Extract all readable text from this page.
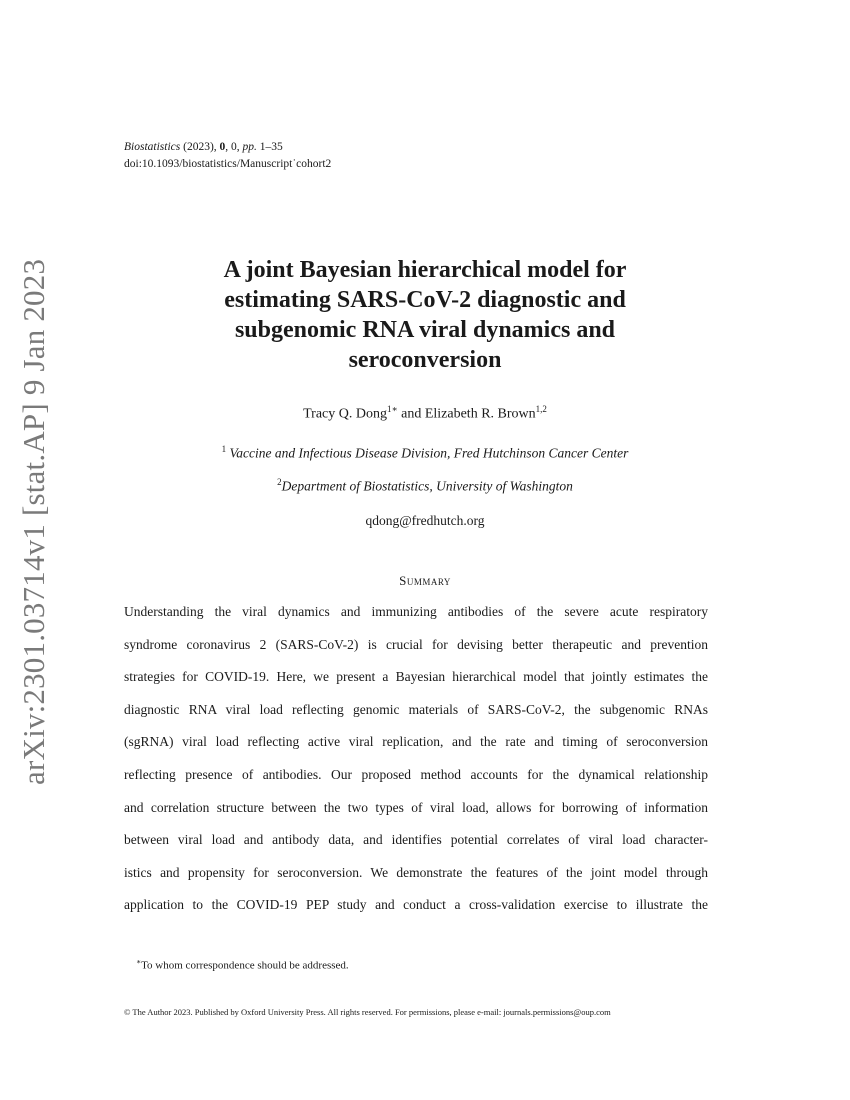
arXiv:2301.03714v1 [stat.AP] 9 Jan 2023
Biostatistics (2023), 0, 0, pp. 1–35
doi:10.1093/biostatistics/Manuscript˙cohort2
A joint Bayesian hierarchical model for
estimating SARS-CoV-2 diagnostic and
subgenomic RNA viral dynamics and
seroconversion
Tracy Q. Dong$^{1∗}$ and Elizabeth R. Brown$^{1,2}$
$^1$ Vaccine and Infectious Disease Division, Fred Hutchinson Cancer Center
$^2$Department of Biostatistics, University of Washington
qdong@fredhutch.org
Summary
Understanding the viral dynamics and immunizing antibodies of the severe acute respiratory
syndrome coronavirus 2 (SARS-CoV-2) is crucial for devising better therapeutic and prevention
strategies for COVID-19. Here, we present a Bayesian hierarchical model that jointly estimates the
diagnostic RNA viral load reflecting genomic materials of SARS-CoV-2, the subgenomic RNAs
(sgRNA) viral load reflecting active viral replication, and the rate and timing of seroconversion
reflecting presence of antibodies. Our proposed method accounts for the dynamical relationship
and correlation structure between the two types of viral load, allows for borrowing of information
between viral load and antibody data, and identifies potential correlates of viral load character-
istics and propensity for seroconversion. We demonstrate the features of the joint model through
application to the COVID-19 PEP study and conduct a cross-validation exercise to illustrate the
∗To whom correspondence should be addressed.
© The Author 2023. Published by Oxford University Press. All rights reserved. For permissions, please e-mail: journals.permissions@oup.com
